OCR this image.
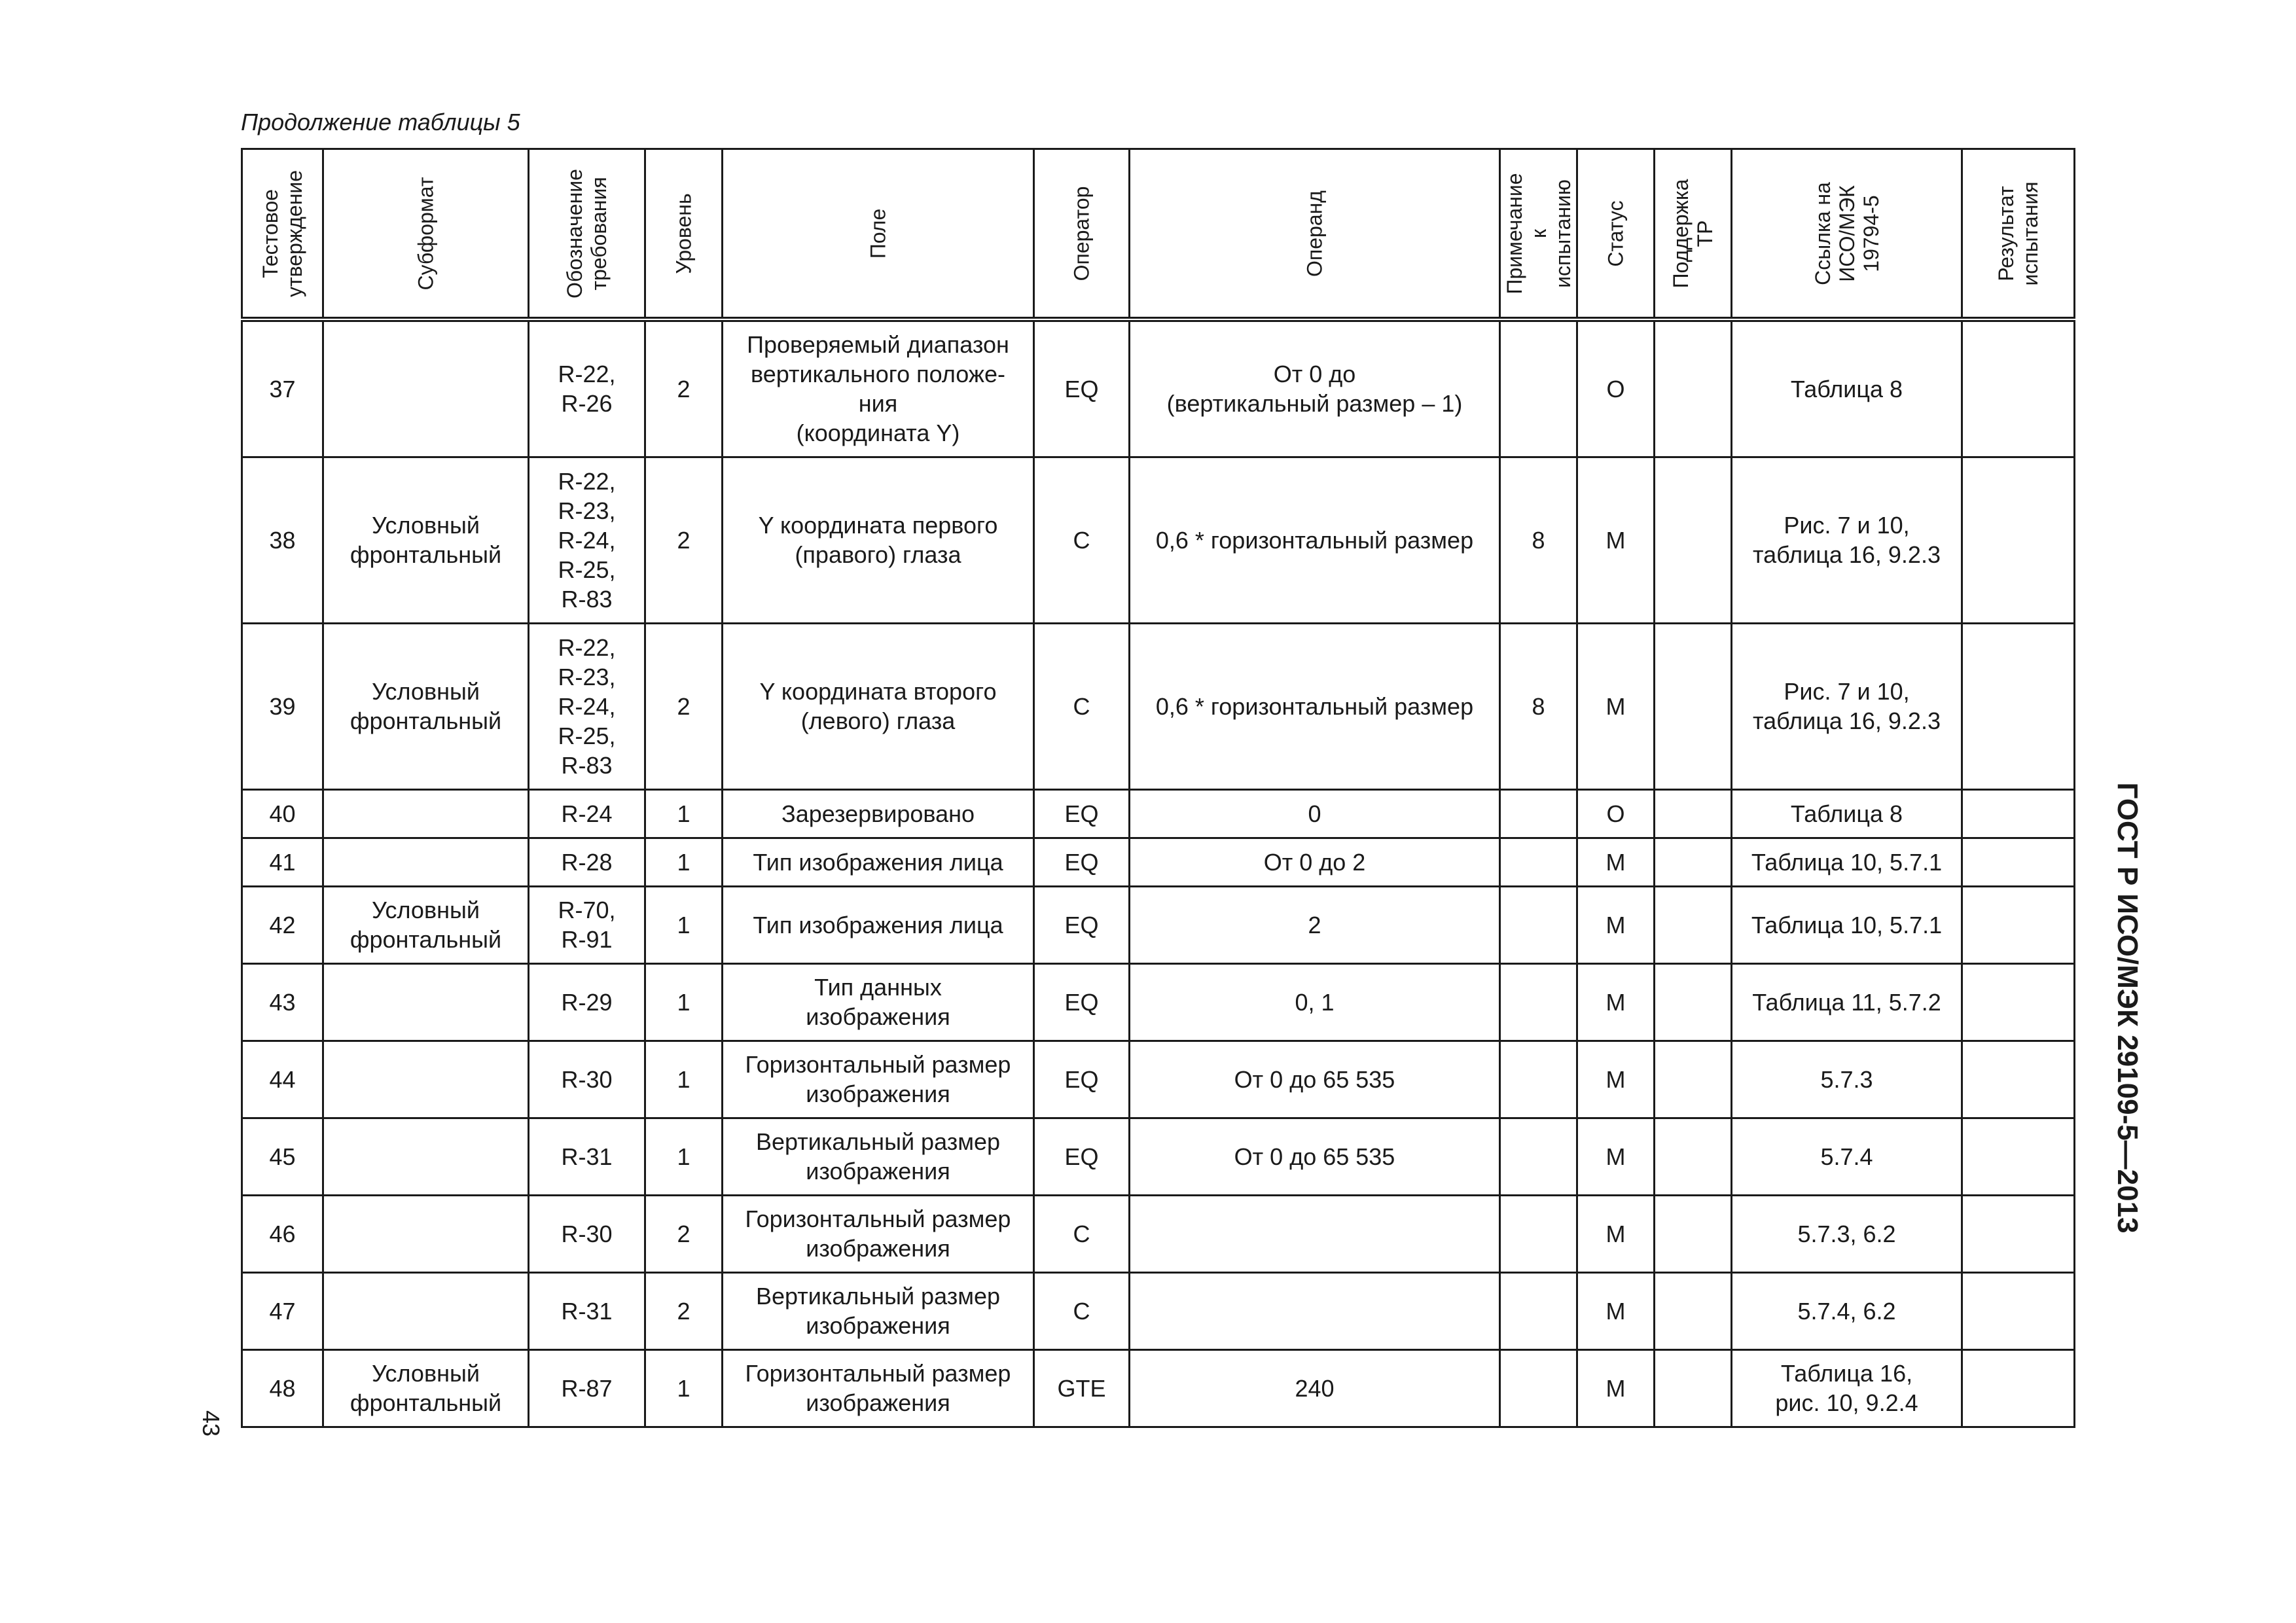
Продолжение таблицы 5
Тестовое
утверждение	Субформат	Обозначение
требования	Уровень	Поле	Оператор	Операнд	Примечание
к испытанию	Статус	Поддержка
ТР	Ссылка на
ИСО/МЭК
19794-5	Результат
испытания

37		R-22,
R-26	2	Проверяемый диапазон
вертикального положе-
ния
(координата Y)	EQ	От 0 до
(вертикальный размер – 1)		O		Таблица 8	
38	Условный
фронтальный	R-22,
R-23,
R-24,
R-25,
R-83	2	Y координата первого
(правого) глаза	C	0,6 * горизонтальный размер	8	M		Рис. 7 и 10,
таблица 16, 9.2.3	
39	Условный
фронтальный	R-22,
R-23,
R-24,
R-25,
R-83	2	Y координата второго
(левого) глаза	C	0,6 * горизонтальный размер	8	M		Рис. 7 и 10,
таблица 16, 9.2.3	
40		R-24	1	Зарезервировано	EQ	0		O		Таблица 8	
41		R-28	1	Тип изображения лица	EQ	От 0 до 2		M		Таблица 10, 5.7.1	
42	Условный
фронтальный	R-70,
R-91	1	Тип изображения лица	EQ	2		M		Таблица 10, 5.7.1	
43		R-29	1	Тип данных
изображения	EQ	0, 1		M		Таблица 11, 5.7.2	
44		R-30	1	Горизонтальный размер
изображения	EQ	От 0 до 65 535		M		5.7.3	
45		R-31	1	Вертикальный размер
изображения	EQ	От 0 до 65 535		M		5.7.4	
46		R-30	2	Горизонтальный размер
изображения	C			M		5.7.3, 6.2	
47		R-31	2	Вертикальный размер
изображения	C			M		5.7.4, 6.2	
48	Условный
фронтальный	R-87	1	Горизонтальный размер
изображения	GTE	240		M		Таблица 16,
рис. 10, 9.2.4	
ГОСТ Р ИСО/МЭК 29109-5—2013
43
